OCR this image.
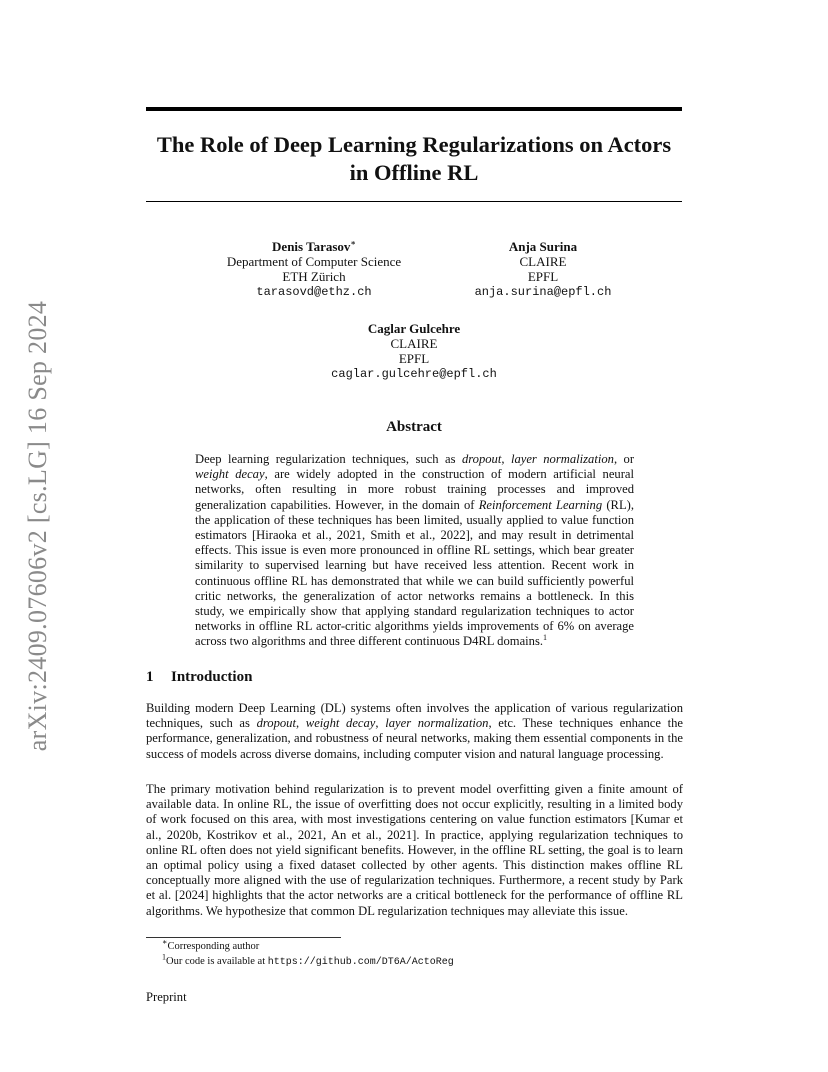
arXiv:2409.07606v2 [cs.LG] 16 Sep 2024
The Role of Deep Learning Regularizations on Actors in Offline RL
Denis Tarasov∗
Department of Computer Science
ETH Zürich
tarasovd@ethz.ch
Anja Surina
CLAIRE
EPFL
anja.surina@epfl.ch
Caglar Gulcehre
CLAIRE
EPFL
caglar.gulcehre@epfl.ch
Abstract
Deep learning regularization techniques, such as dropout, layer normalization, or weight decay, are widely adopted in the construction of modern artificial neural networks, often resulting in more robust training processes and improved generalization capabilities. However, in the domain of Reinforcement Learning (RL), the application of these techniques has been limited, usually applied to value function estimators [Hiraoka et al., 2021, Smith et al., 2022], and may result in detrimental effects. This issue is even more pronounced in offline RL settings, which bear greater similarity to supervised learning but have received less attention. Recent work in continuous offline RL has demonstrated that while we can build sufficiently powerful critic networks, the generalization of actor networks remains a bottleneck. In this study, we empirically show that applying standard regularization techniques to actor networks in offline RL actor-critic algorithms yields improvements of 6% on average across two algorithms and three different continuous D4RL domains.$^1$
1 Introduction
Building modern Deep Learning (DL) systems often involves the application of various regularization techniques, such as dropout, weight decay, layer normalization, etc. These techniques enhance the performance, generalization, and robustness of neural networks, making them essential components in the success of models across diverse domains, including computer vision and natural language processing.
The primary motivation behind regularization is to prevent model overfitting given a finite amount of available data. In online RL, the issue of overfitting does not occur explicitly, resulting in a limited body of work focused on this area, with most investigations centering on value function estimators [Kumar et al., 2020b, Kostrikov et al., 2021, An et al., 2021]. In practice, applying regularization techniques to online RL often does not yield significant benefits. However, in the offline RL setting, the goal is to learn an optimal policy using a fixed dataset collected by other agents. This distinction makes offline RL conceptually more aligned with the use of regularization techniques. Furthermore, a recent study by Park et al. [2024] highlights that the actor networks are a critical bottleneck for the performance of offline RL algorithms. We hypothesize that common DL regularization techniques may alleviate this issue.
∗Corresponding author
$^1$Our code is available at https://github.com/DT6A/ActoReg
Preprint
